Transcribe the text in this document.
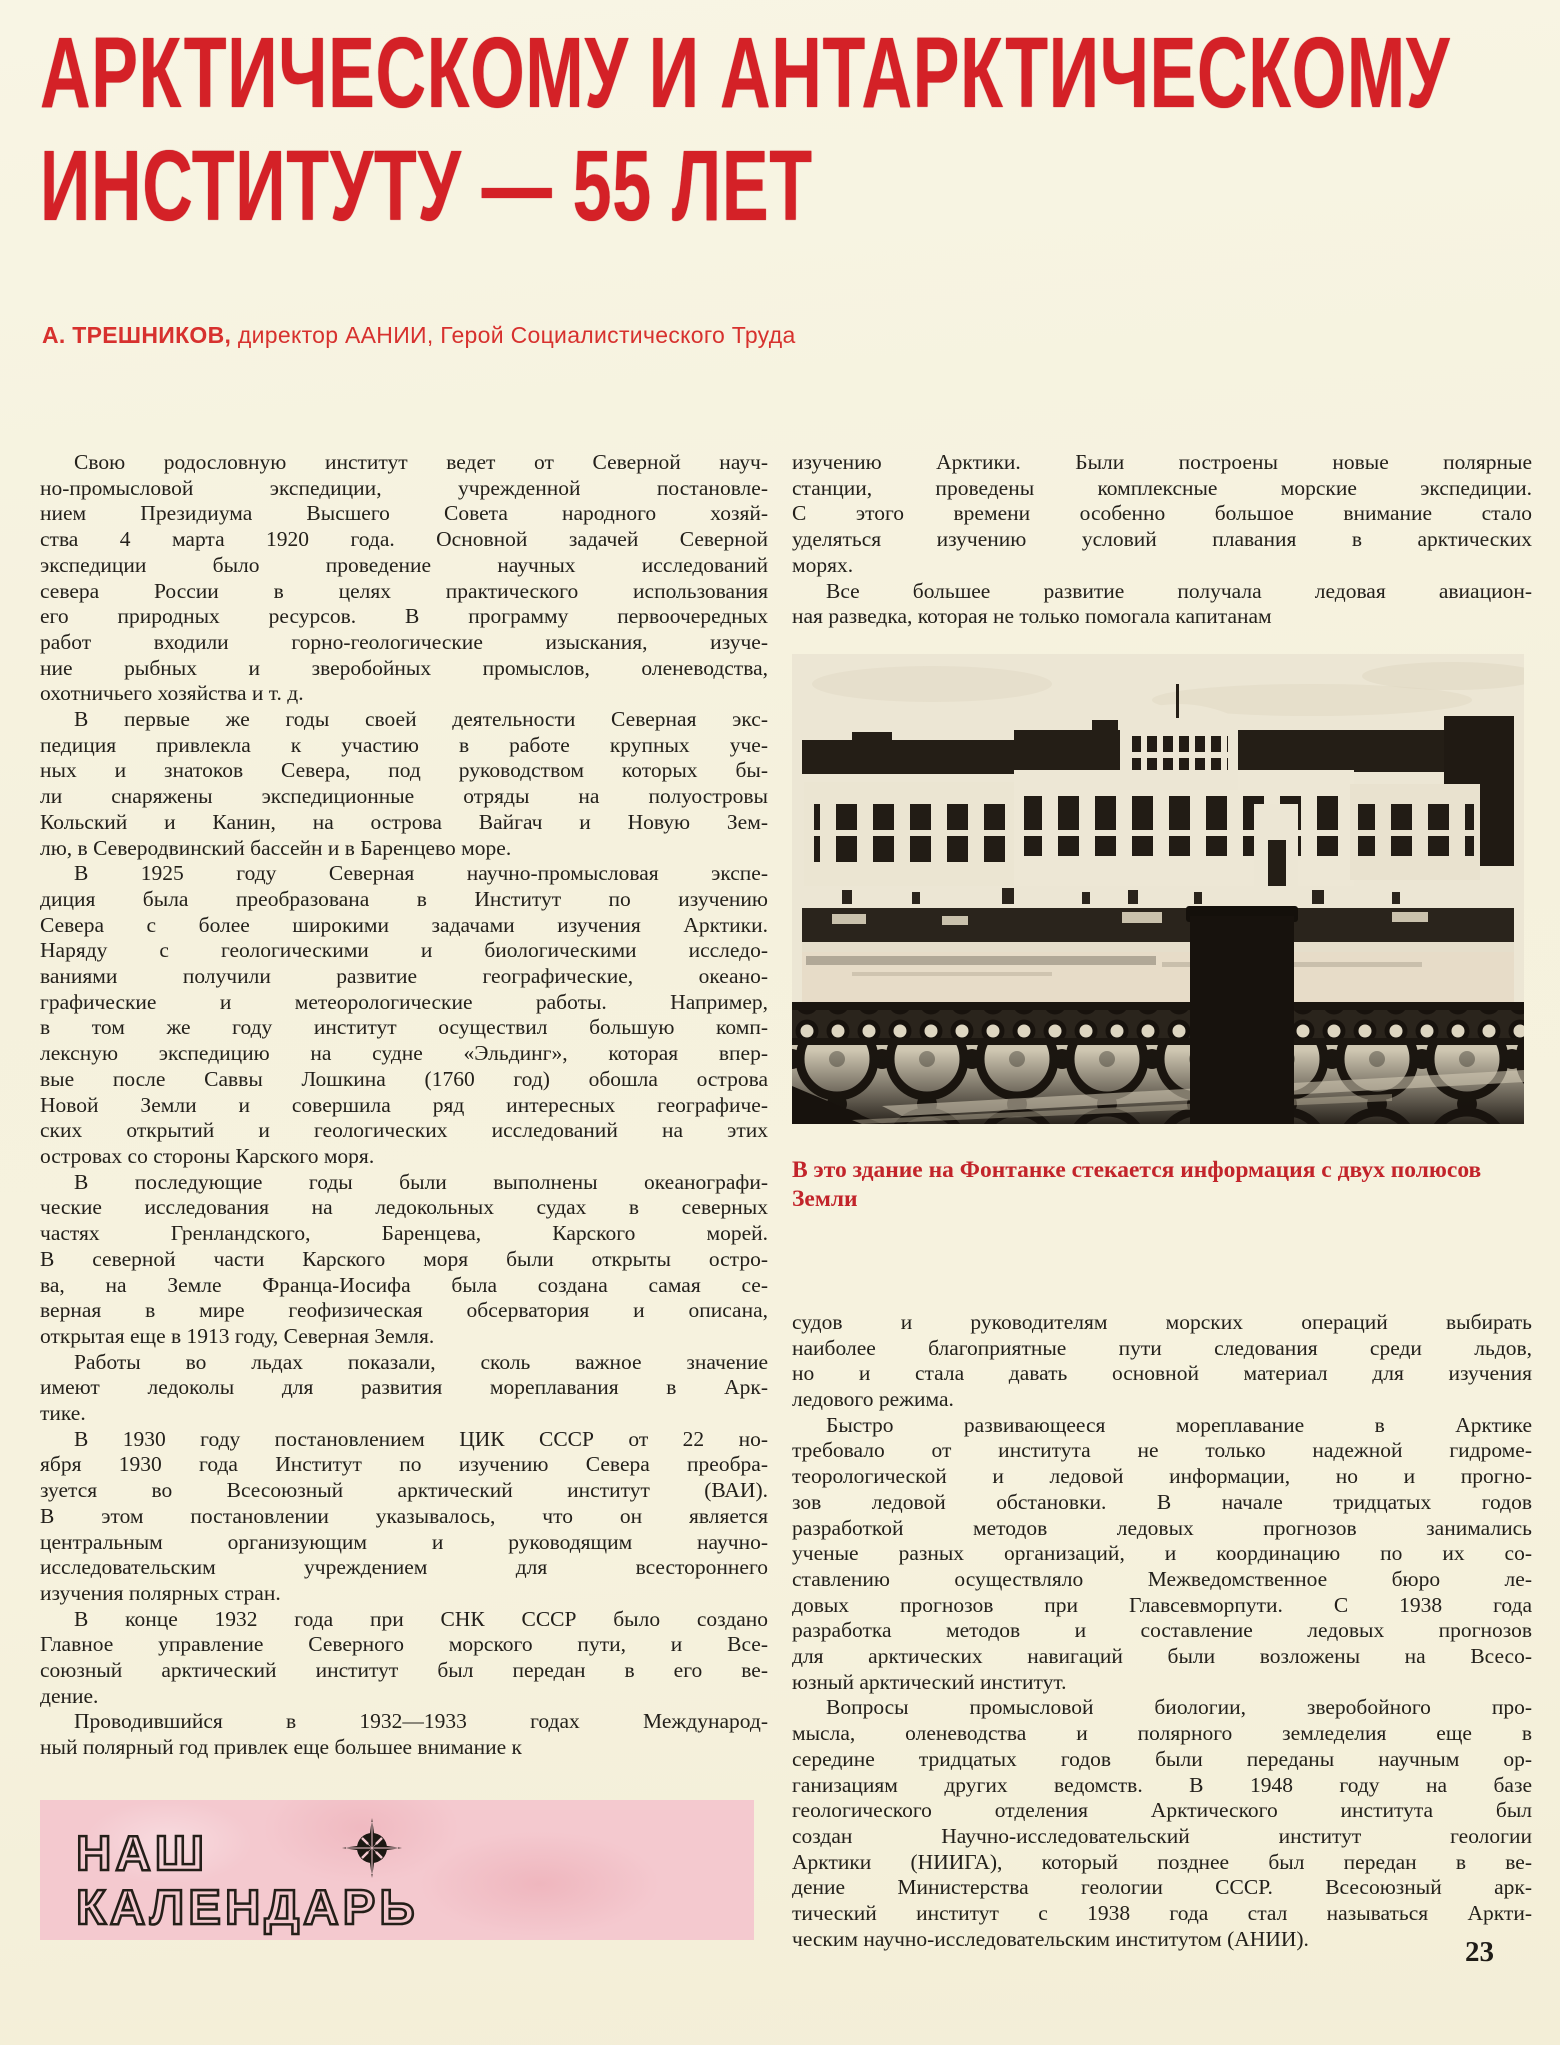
АРКТИЧЕСКОМУ И АНТАРКТИЧЕСКОМУ
ИНСТИТУТУ — 55 ЛЕТ

А. ТРЕШНИКОВ, директор ААНИИ, Герой Социалистического Труда

Свою родословную институт ведет от Северной науч-
но-промысловой экспедиции, учрежденной постановле-
нием Президиума Высшего Совета народного хозяй-
ства 4 марта 1920 года. Основной задачей Северной
экспедиции было проведение научных исследований
севера России в целях практического использования
его природных ресурсов. В программу первоочередных
работ входили горно-геологические изыскания, изуче-
ние рыбных и зверобойных промыслов, оленеводства,
охотничьего хозяйства и т. д.
В первые же годы своей деятельности Северная экс-
педиция привлекла к участию в работе крупных уче-
ных и знатоков Севера, под руководством которых бы-
ли снаряжены экспедиционные отряды на полуостровы
Кольский и Канин, на острова Вайгач и Новую Зем-
лю, в Северодвинский бассейн и в Баренцево море.
В 1925 году Северная научно-промысловая экспе-
диция была преобразована в Институт по изучению
Севера с более широкими задачами изучения Арктики.
Наряду с геологическими и биологическими исследо-
ваниями получили развитие географические, океано-
графические и метеорологические работы. Например,
в том же году институт осуществил большую комп-
лексную экспедицию на судне «Эльдинг», которая впер-
вые после Саввы Лошкина (1760 год) обошла острова
Новой Земли и совершила ряд интересных географиче-
ских открытий и геологических исследований на этих
островах со стороны Карского моря.
В последующие годы были выполнены океанографи-
ческие исследования на ледокольных судах в северных
частях Гренландского, Баренцева, Карского морей.
В северной части Карского моря были открыты остро-
ва, на Земле Франца-Иосифа была создана самая се-
верная в мире геофизическая обсерватория и описана,
открытая еще в 1913 году, Северная Земля.
Работы во льдах показали, сколь важное значение
имеют ледоколы для развития мореплавания в Арк-
тике.
В 1930 году постановлением ЦИК СССР от 22 но-
ября 1930 года Институт по изучению Севера преобра-
зуется во Всесоюзный арктический институт (ВАИ).
В этом постановлении указывалось, что он является
центральным организующим и руководящим научно-
исследовательским учреждением для всестороннего
изучения полярных стран.
В конце 1932 года при СНК СССР было создано
Главное управление Северного морского пути, и Все-
союзный арктический институт был передан в его ве-
дение.
Проводившийся в 1932—1933 годах Международ-
ный полярный год привлек еще большее внимание к
изучению Арктики. Были построены новые полярные
станции, проведены комплексные морские экспедиции.
С этого времени особенно большое внимание стало
уделяться изучению условий плавания в арктических
морях.
Все большее развитие получала ледовая авиацион-
ная разведка, которая не только помогала капитанам
В это здание на Фонтанке стекается информация с двух полюсов Земли
судов и руководителям морских операций выбирать
наиболее благоприятные пути следования среди льдов,
но и стала давать основной материал для изучения
ледового режима.
Быстро развивающееся мореплавание в Арктике
требовало от института не только надежной гидроме-
теорологической и ледовой информации, но и прогно-
зов ледовой обстановки. В начале тридцатых годов
разработкой методов ледовых прогнозов занимались
ученые разных организаций, и координацию по их со-
ставлению осуществляло Межведомственное бюро ле-
довых прогнозов при Главсевморпути. С 1938 года
разработка методов и составление ледовых прогнозов
для арктических навигаций были возложены на Всесо-
юзный арктический институт.
Вопросы промысловой биологии, зверобойного про-
мысла, оленеводства и полярного земледелия еще в
середине тридцатых годов были переданы научным ор-
ганизациям других ведомств. В 1948 году на базе
геологического отделения Арктического института был
создан Научно-исследовательский институт геологии
Арктики (НИИГА), который позднее был передан в ве-
дение Министерства геологии СССР. Всесоюзный арк-
тический институт с 1938 года стал называться Аркти-
ческим научно-исследовательским институтом (АНИИ).

НАШ

КАЛЕНДАРЬ

23
